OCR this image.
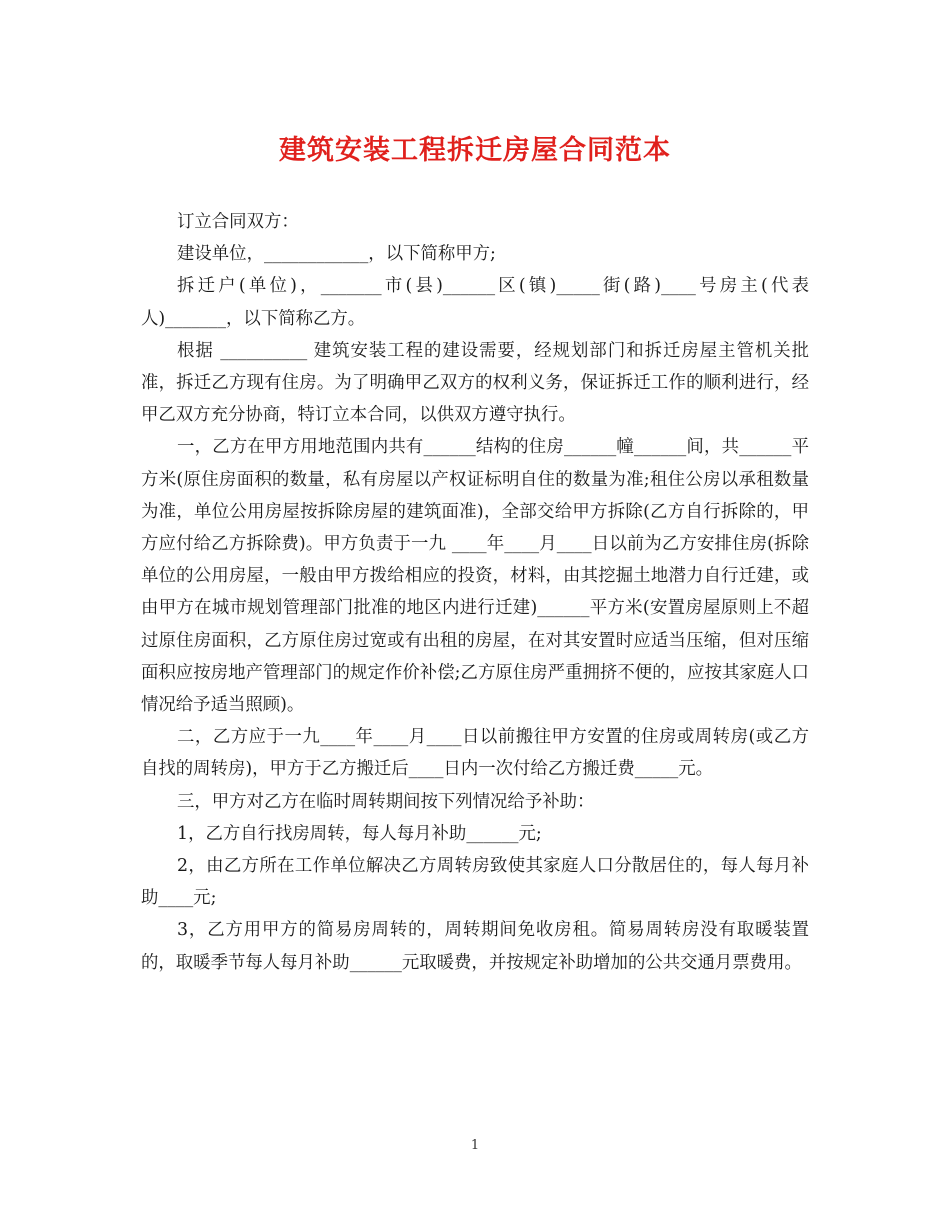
建筑安装工程拆迁房屋合同范本

订立合同双方：

建设单位，____________，以下简称甲方;

拆迁户(单位)，_______市(县)______区(镇)_____街(路)____号房主(代表人)_______，以下简称乙方。

根据 __________ 建筑安装工程的建设需要，经规划部门和拆迁房屋主管机关批准，拆迁乙方现有住房。为了明确甲乙双方的权利义务，保证拆迁工作的顺利进行，经甲乙双方充分协商，特订立本合同，以供双方遵守执行。

一，乙方在甲方用地范围内共有______结构的住房______幢______间，共______平方米(原住房面积的数量，私有房屋以产权证标明自住的数量为准;租住公房以承租数量为准，单位公用房屋按拆除房屋的建筑面准)，全部交给甲方拆除(乙方自行拆除的，甲方应付给乙方拆除费)。甲方负责于一九 ____年____月____日以前为乙方安排住房(拆除单位的公用房屋，一般由甲方拨给相应的投资，材料，由其挖掘土地潜力自行迁建，或由甲方在城市规划管理部门批准的地区内进行迁建)______平方米(安置房屋原则上不超过原住房面积，乙方原住房过宽或有出租的房屋，在对其安置时应适当压缩，但对压缩面积应按房地产管理部门的规定作价补偿;乙方原住房严重拥挤不便的，应按其家庭人口情况给予适当照顾)。

二，乙方应于一九____年____月____日以前搬往甲方安置的住房或周转房(或乙方自找的周转房)，甲方于乙方搬迁后____日内一次付给乙方搬迁费_____元。

三，甲方对乙方在临时周转期间按下列情况给予补助：

1，乙方自行找房周转，每人每月补助______元;

2，由乙方所在工作单位解决乙方周转房致使其家庭人口分散居住的，每人每月补助____元;

3，乙方用甲方的简易房周转的，周转期间免收房租。简易周转房没有取暖装置的，取暖季节每人每月补助______元取暖费，并按规定补助增加的公共交通月票费用。

1
